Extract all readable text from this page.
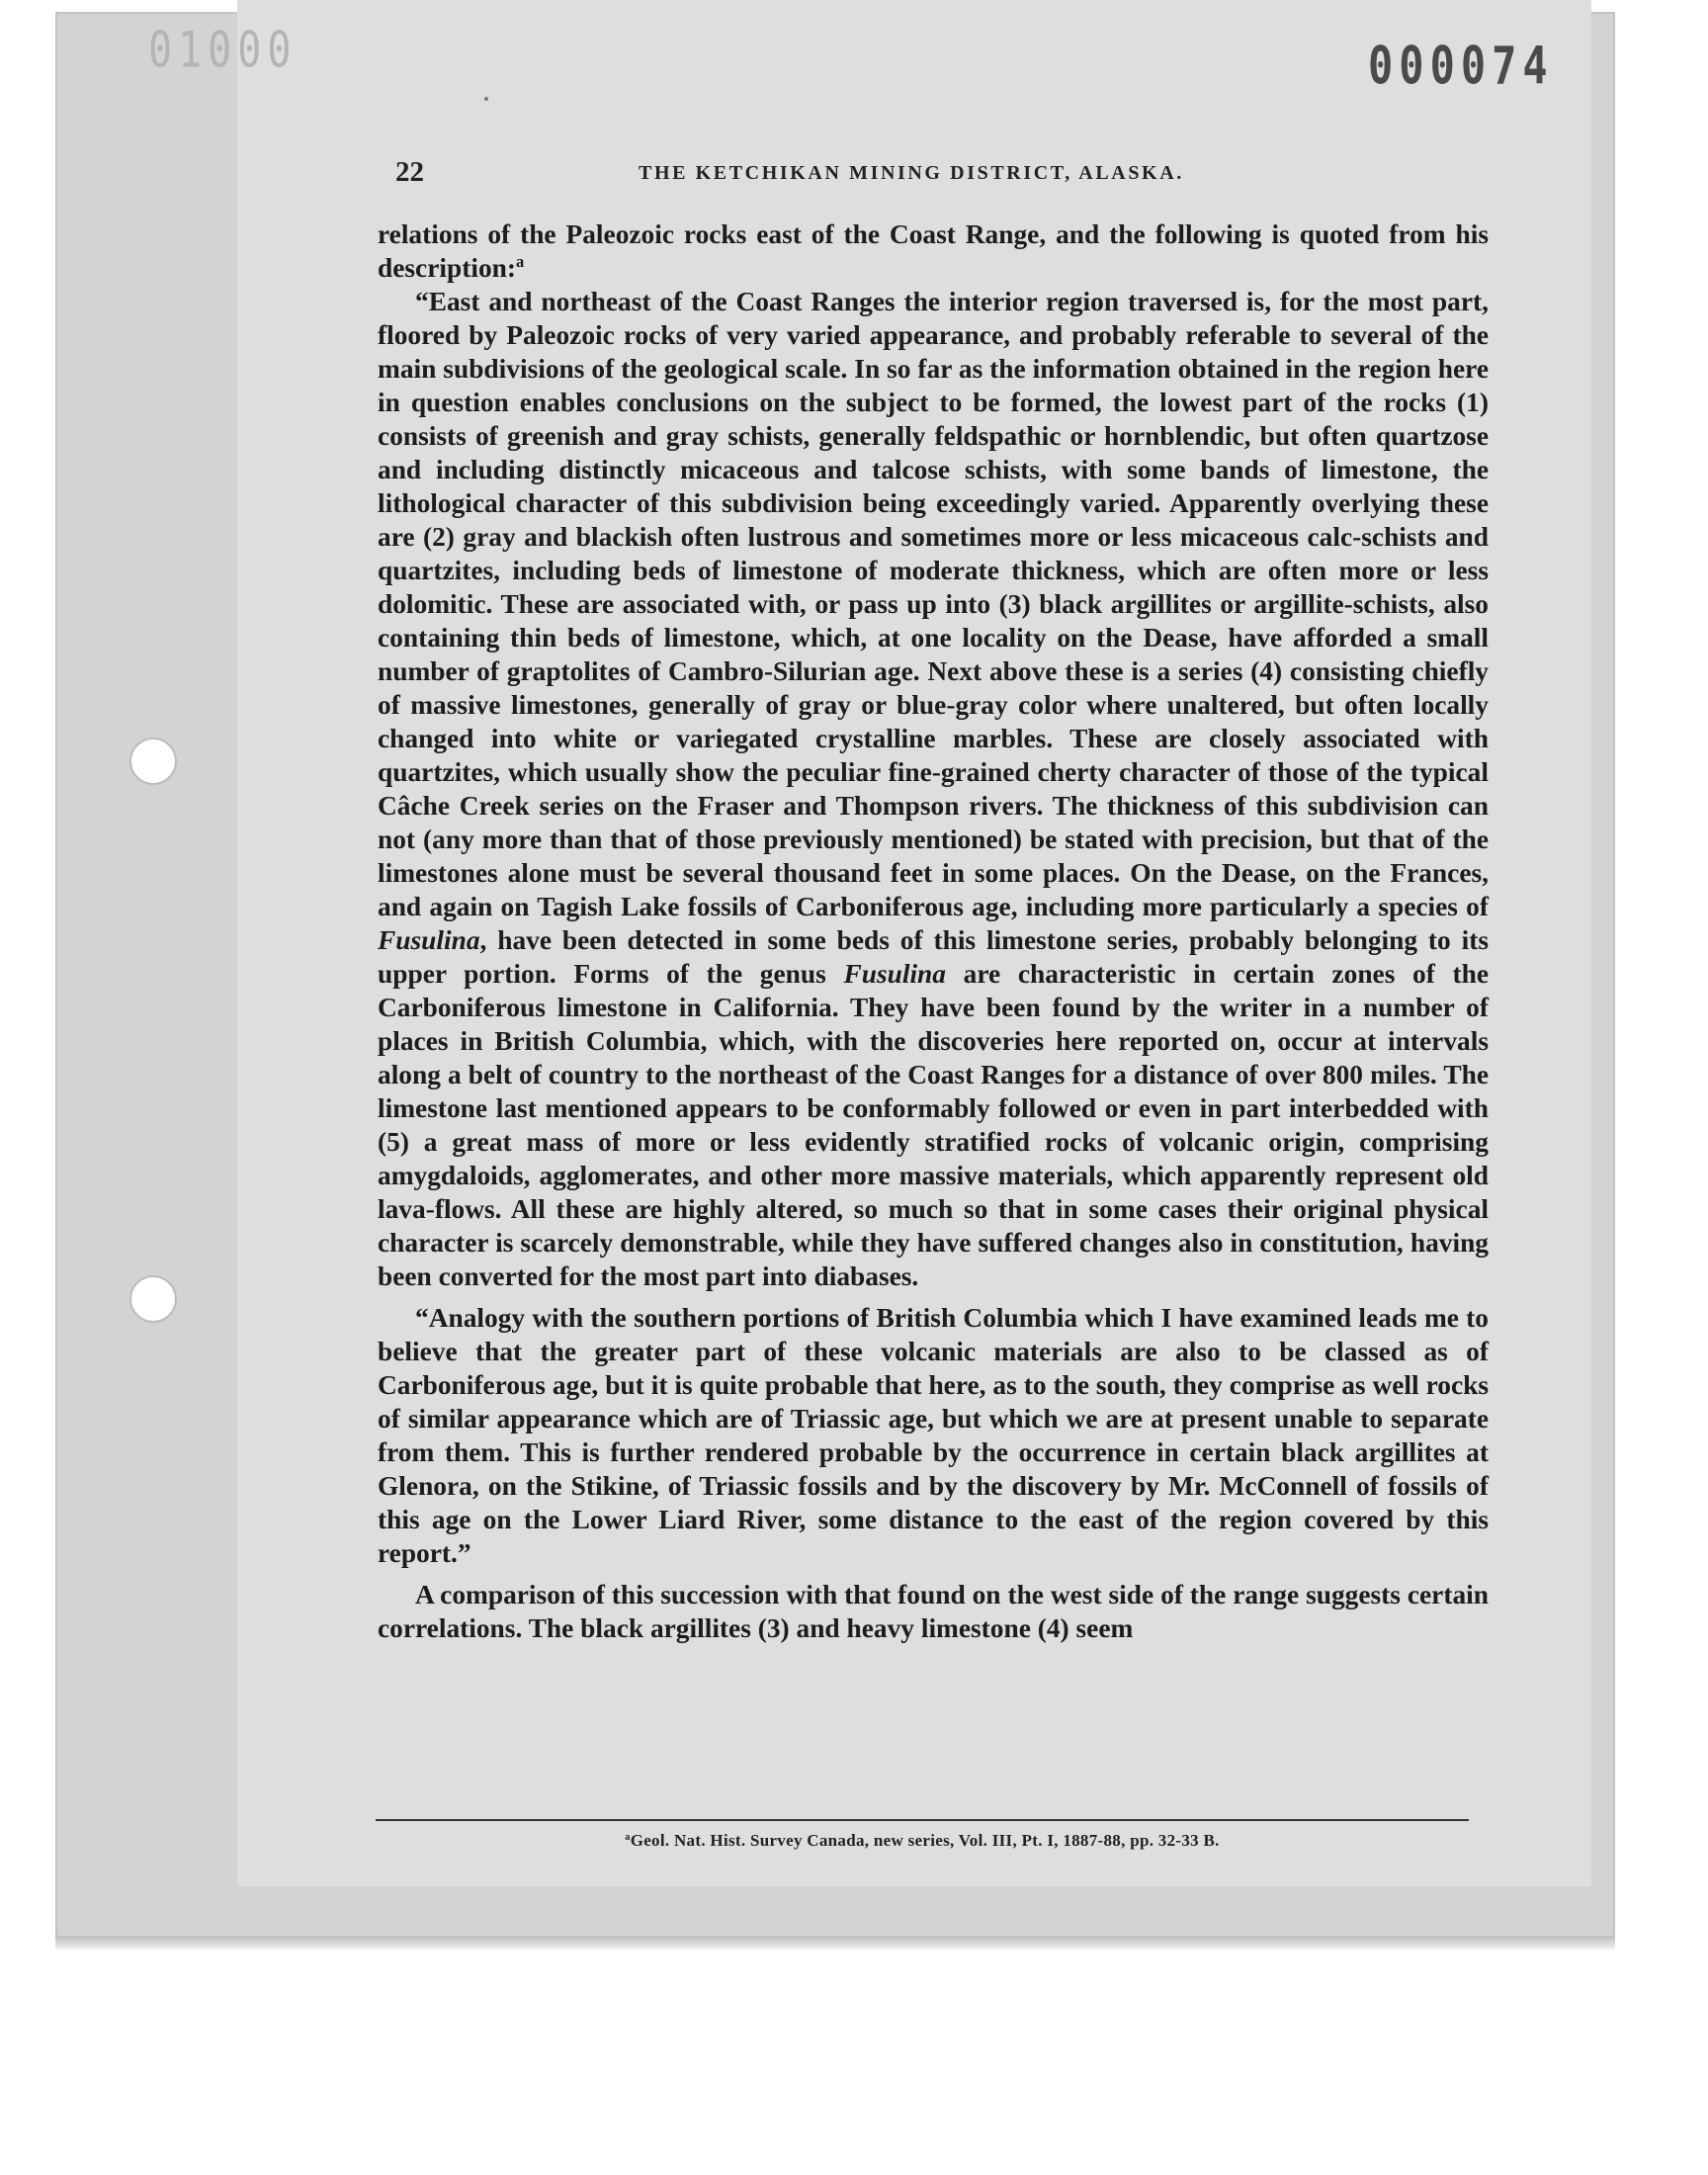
01000	000074
22	THE KETCHIKAN MINING DISTRICT, ALASKA.

relations of the Paleozoic rocks east of the Coast Range, and the following is quoted from his description:$^a$

“East and northeast of the Coast Ranges the interior region traversed is, for the most part, floored by Paleozoic rocks of very varied appearance, and probably referable to several of the main subdivisions of the geological scale. In so far as the information obtained in the region here in question enables conclusions on the subject to be formed, the lowest part of the rocks (1) consists of greenish and gray schists, generally feldspathic or hornblendic, but often quartzose and including distinctly micaceous and talcose schists, with some bands of limestone, the lithological character of this subdivision being exceedingly varied. Apparently overlying these are (2) gray and blackish often lustrous and sometimes more or less micaceous calc-schists and quartzites, including beds of limestone of moderate thickness, which are often more or less dolomitic. These are associated with, or pass up into (3) black argillites or argillite-schists, also containing thin beds of limestone, which, at one locality on the Dease, have afforded a small number of graptolites of Cambro-Silurian age. Next above these is a series (4) consisting chiefly of massive limestones, generally of gray or blue-gray color where unaltered, but often locally changed into white or variegated crystalline marbles. These are closely associated with quartzites, which usually show the peculiar fine-grained cherty character of those of the typical Câche Creek series on the Fraser and Thompson rivers. The thickness of this subdivision can not (any more than that of those previously mentioned) be stated with precision, but that of the limestones alone must be several thousand feet in some places. On the Dease, on the Frances, and again on Tagish Lake fossils of Carboniferous age, including more particularly a species of Fusulina, have been detected in some beds of this limestone series, probably belonging to its upper portion. Forms of the genus Fusulina are characteristic in certain zones of the Carboniferous limestone in California. They have been found by the writer in a number of places in British Columbia, which, with the discoveries here reported on, occur at intervals along a belt of country to the northeast of the Coast Ranges for a distance of over 800 miles. The limestone last mentioned appears to be conformably followed or even in part interbedded with (5) a great mass of more or less evidently stratified rocks of volcanic origin, comprising amygdaloids, agglomerates, and other more massive materials, which apparently represent old lava-flows. All these are highly altered, so much so that in some cases their original physical character is scarcely demonstrable, while they have suffered changes also in constitution, having been converted for the most part into diabases.

“Analogy with the southern portions of British Columbia which I have examined leads me to believe that the greater part of these volcanic materials are also to be classed as of Carboniferous age, but it is quite probable that here, as to the south, they comprise as well rocks of similar appearance which are of Triassic age, but which we are at present unable to separate from them. This is further rendered probable by the occurrence in certain black argillites at Glenora, on the Stikine, of Triassic fossils and by the discovery by Mr. McConnell of fossils of this age on the Lower Liard River, some distance to the east of the region covered by this report.”

A comparison of this succession with that found on the west side of the range suggests certain correlations. The black argillites (3) and heavy limestone (4) seem

$^a$Geol. Nat. Hist. Survey Canada, new series, Vol. III, Pt. I, 1887-88, pp. 32-33 B.
